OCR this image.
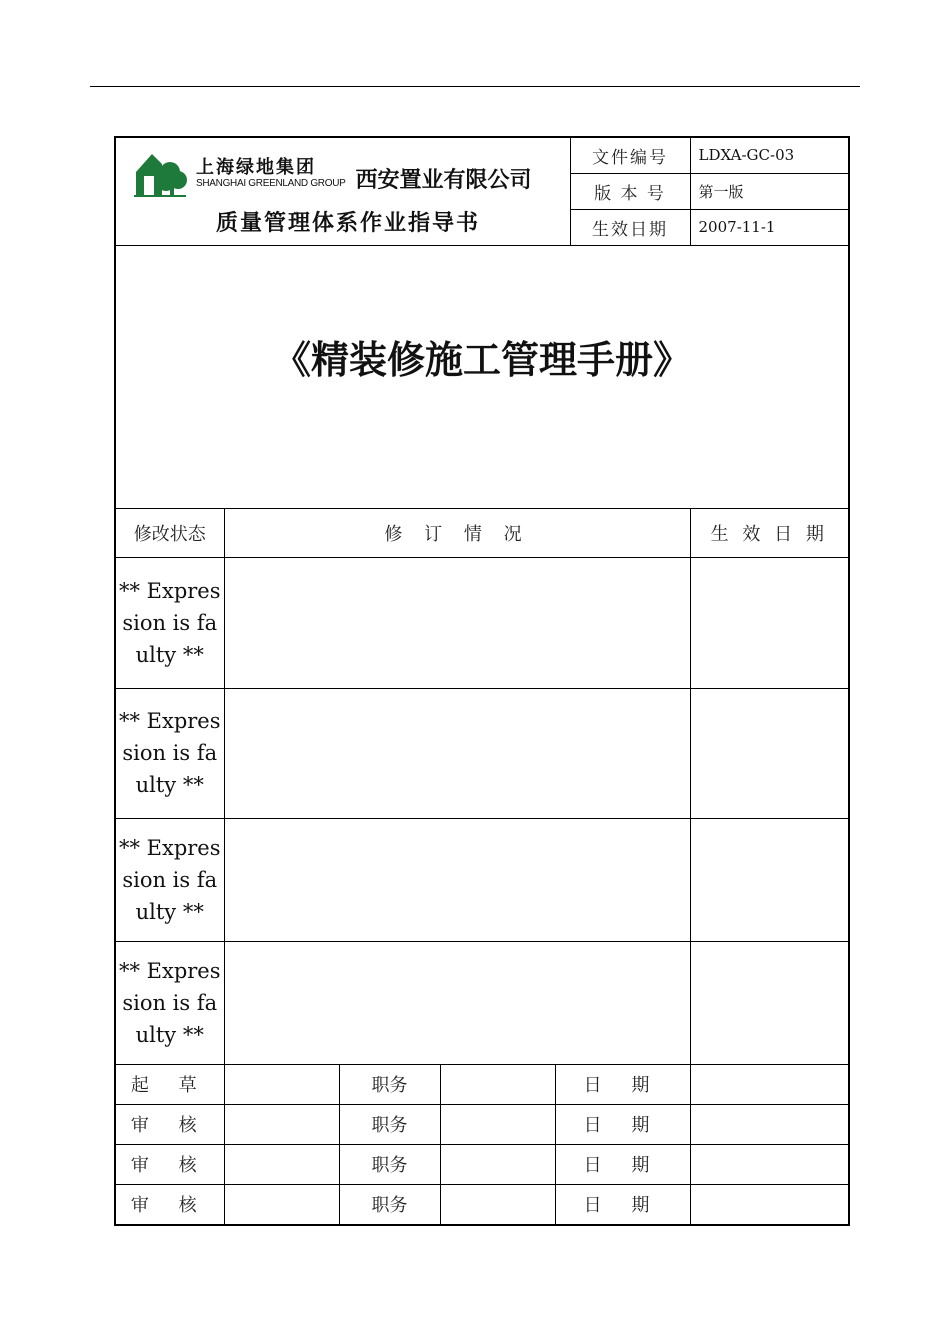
上海绿地集团
SHANGHAI GREENLAND GROUP 西安置业有限公司
质量管理体系作业指导书					文件编号	LDXA-GC-03
					版 本 号	第一版
					生效日期	2007-11-1
《精装修施工管理手册》						
修改状态	修 订 情 况					生 效 日 期
** Expression is faulty **						
** Expression is faulty **						
** Expression is faulty **						
** Expression is faulty **						
起 草		职务		日 期		
审 核		职务		日 期		
审 核		职务		日 期		
审 核		职务		日 期		
